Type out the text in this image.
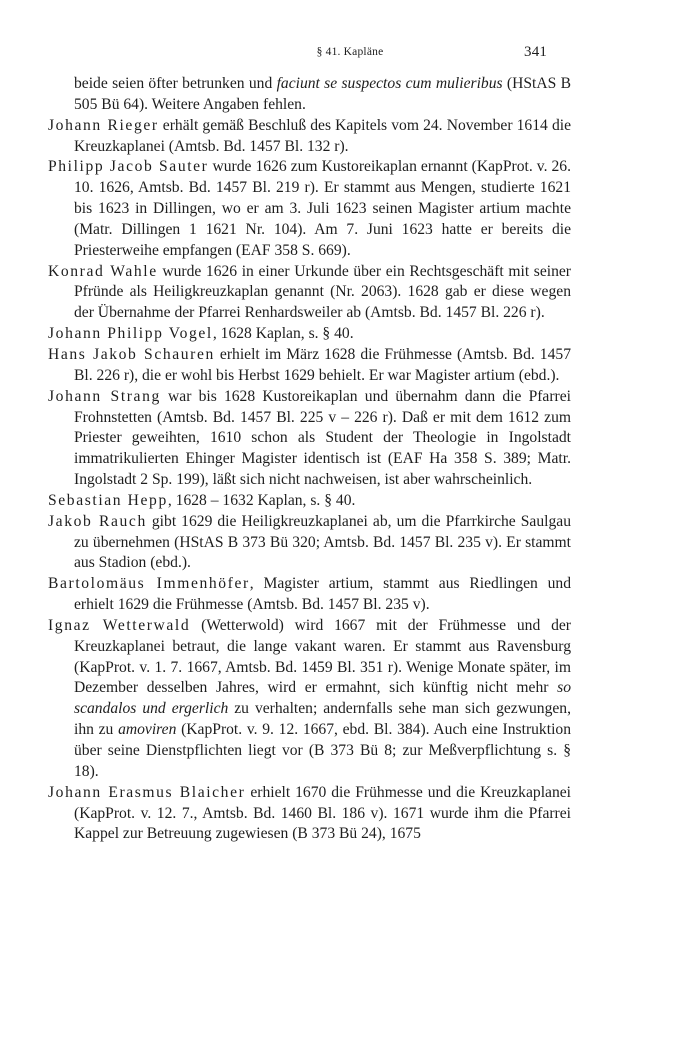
§ 41. Kapläne	341
beide seien öfter betrunken und faciunt se suspectos cum mulieribus (HStAS B 505 Bü 64). Weitere Angaben fehlen.
Johann Rieger erhält gemäß Beschluß des Kapitels vom 24. November 1614 die Kreuzkaplanei (Amtsb. Bd. 1457 Bl. 132 r).
Philipp Jacob Sauter wurde 1626 zum Kustoreikaplan ernannt (KapProt. v. 26. 10. 1626, Amtsb. Bd. 1457 Bl. 219 r). Er stammt aus Mengen, studierte 1621 bis 1623 in Dillingen, wo er am 3. Juli 1623 seinen Magister artium machte (Matr. Dillingen 1 1621 Nr. 104). Am 7. Juni 1623 hatte er bereits die Priesterweihe empfangen (EAF 358 S. 669).
Konrad Wahle wurde 1626 in einer Urkunde über ein Rechtsgeschäft mit seiner Pfründe als Heiligkreuzkaplan genannt (Nr. 2063). 1628 gab er diese wegen der Übernahme der Pfarrei Renhardsweiler ab (Amtsb. Bd. 1457 Bl. 226 r).
Johann Philipp Vogel, 1628 Kaplan, s. § 40.
Hans Jakob Schauren erhielt im März 1628 die Frühmesse (Amtsb. Bd. 1457 Bl. 226 r), die er wohl bis Herbst 1629 behielt. Er war Magister artium (ebd.).
Johann Strang war bis 1628 Kustoreikaplan und übernahm dann die Pfarrei Frohnstetten (Amtsb. Bd. 1457 Bl. 225 v – 226 r). Daß er mit dem 1612 zum Priester geweihten, 1610 schon als Student der Theologie in Ingolstadt immatrikulierten Ehinger Magister identisch ist (EAF Ha 358 S. 389; Matr. Ingolstadt 2 Sp. 199), läßt sich nicht nachweisen, ist aber wahrscheinlich.
Sebastian Hepp, 1628 – 1632 Kaplan, s. § 40.
Jakob Rauch gibt 1629 die Heiligkreuzkaplanei ab, um die Pfarrkirche Saulgau zu übernehmen (HStAS B 373 Bü 320; Amtsb. Bd. 1457 Bl. 235 v). Er stammt aus Stadion (ebd.).
Bartolomäus Immenhöfer, Magister artium, stammt aus Riedlingen und erhielt 1629 die Frühmesse (Amtsb. Bd. 1457 Bl. 235 v).
Ignaz Wetterwald (Wetterwold) wird 1667 mit der Frühmesse und der Kreuzkaplanei betraut, die lange vakant waren. Er stammt aus Ravensburg (KapProt. v. 1. 7. 1667, Amtsb. Bd. 1459 Bl. 351 r). Wenige Monate später, im Dezember desselben Jahres, wird er ermahnt, sich künftig nicht mehr so scandalos und ergerlich zu verhalten; andernfalls sehe man sich gezwungen, ihn zu amoviren (KapProt. v. 9. 12. 1667, ebd. Bl. 384). Auch eine Instruktion über seine Dienstpflichten liegt vor (B 373 Bü 8; zur Meßverpflichtung s. § 18).
Johann Erasmus Blaicher erhielt 1670 die Frühmesse und die Kreuzkaplanei (KapProt. v. 12. 7., Amtsb. Bd. 1460 Bl. 186 v). 1671 wurde ihm die Pfarrei Kappel zur Betreuung zugewiesen (B 373 Bü 24), 1675
